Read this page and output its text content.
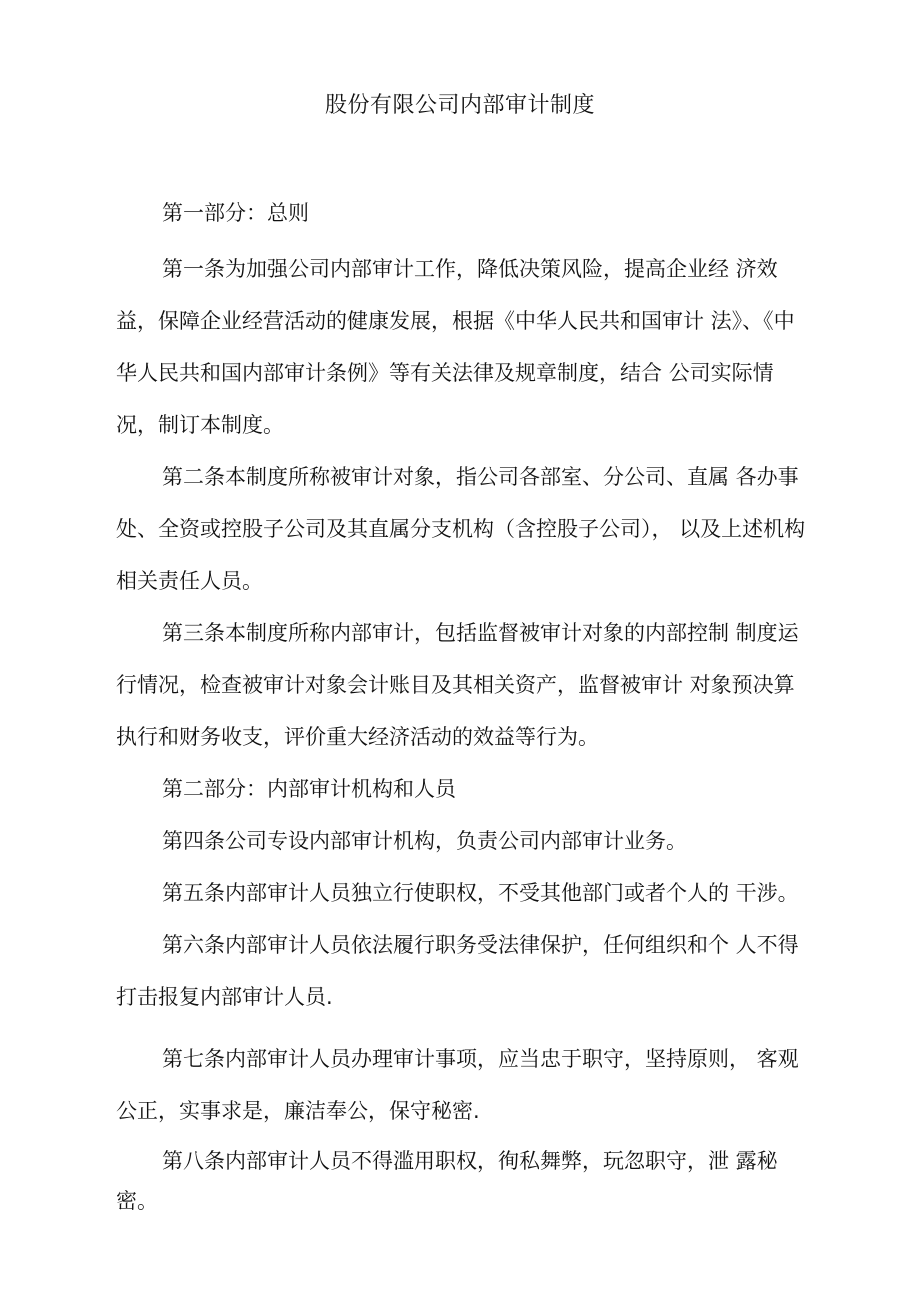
股份有限公司内部审计制度

第一部分：总则

第一条为加强公司内部审计工作，降低决策风险，提高企业经 济效益，保障企业经营活动的健康发展，根据《中华人民共和国审计 法》、《中华人民共和国内部审计条例》等有关法律及规章制度，结合 公司实际情况，制订本制度。

第二条本制度所称被审计对象，指公司各部室、分公司、直属 各办事处、全资或控股子公司及其直属分支机构（含控股子公司）， 以及上述机构相关责任人员。

第三条本制度所称内部审计，包括监督被审计对象的内部控制 制度运行情况，检查被审计对象会计账目及其相关资产，监督被审计 对象预决算执行和财务收支，评价重大经济活动的效益等行为。

第二部分：内部审计机构和人员

第四条公司专设内部审计机构，负责公司内部审计业务。

第五条内部审计人员独立行使职权，不受其他部门或者个人的 干涉。

第六条内部审计人员依法履行职务受法律保护，任何组织和个 人不得打击报复内部审计人员.

第七条内部审计人员办理审计事项，应当忠于职守，坚持原则， 客观公正，实事求是，廉洁奉公，保守秘密.

第八条内部审计人员不得滥用职权，徇私舞弊，玩忽职守，泄 露秘密。
